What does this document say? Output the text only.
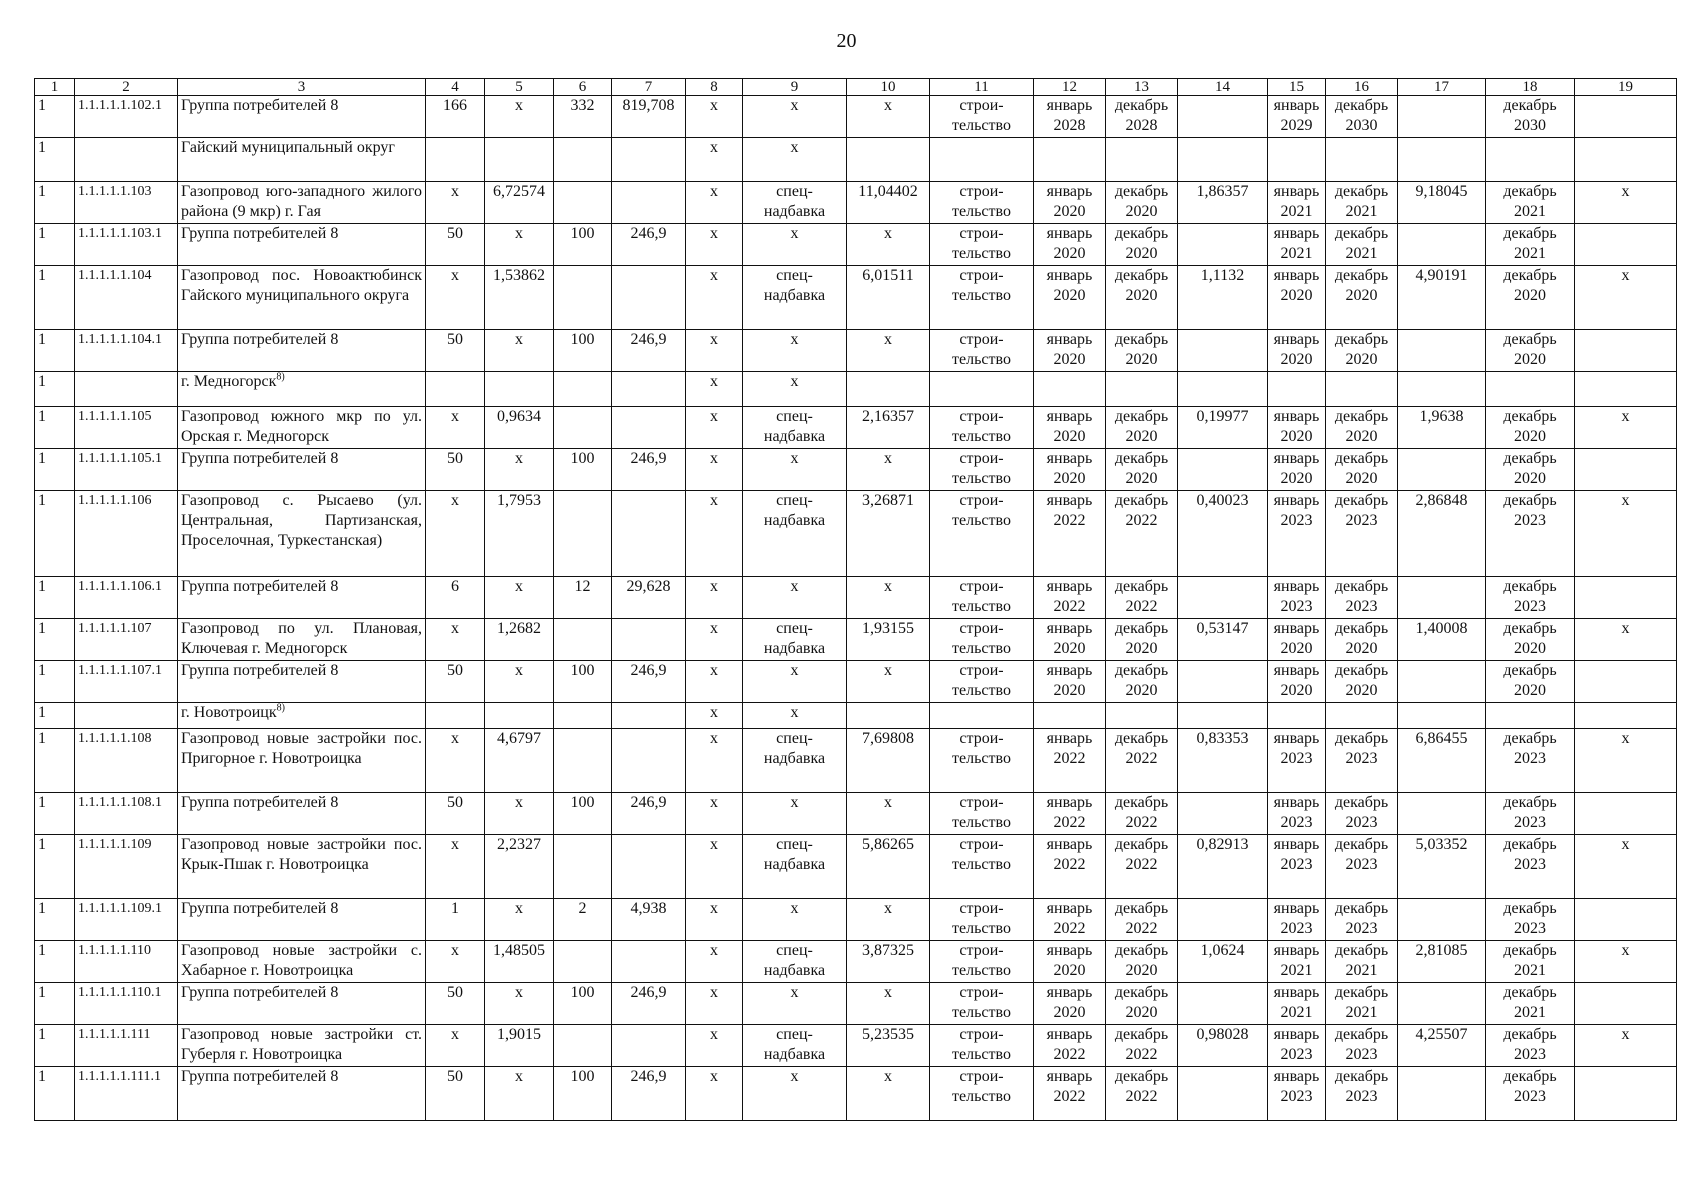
20
1	2	3	4	5	6	7	8	9	10	11	12	13	14	15	16	17	18	19
1	1.1.1.1.1.102.1	Группа потребителей 8	166	х	332	819,708	х	х	х	строи-тельство	январь 2028	декабрь 2028		январь 2029	декабрь 2030		декабрь 2030	
1		Гайский муниципальный округ					х	х										
1	1.1.1.1.1.103	Газопровод юго-западного жилого района (9 мкр) г. Гая	х	6,72574			х	спец-надбавка	11,04402	строи-тельство	январь 2020	декабрь 2020	1,86357	январь 2021	декабрь 2021	9,18045	декабрь 2021	х
1	1.1.1.1.1.103.1	Группа потребителей 8	50	х	100	246,9	х	х	х	строи-тельство	январь 2020	декабрь 2020		январь 2021	декабрь 2021		декабрь 2021	
1	1.1.1.1.1.104	Газопровод пос. Новоактюбинск Гайского муниципального округа	х	1,53862			х	спец-надбавка	6,01511	строи-тельство	январь 2020	декабрь 2020	1,1132	январь 2020	декабрь 2020	4,90191	декабрь 2020	х
1	1.1.1.1.1.104.1	Группа потребителей 8	50	х	100	246,9	х	х	х	строи-тельство	январь 2020	декабрь 2020		январь 2020	декабрь 2020		декабрь 2020	
1		г. Медногорск$^{8)}$					х	х										
1	1.1.1.1.1.105	Газопровод южного мкр по ул. Орская г. Медногорск	х	0,9634			х	спец-надбавка	2,16357	строи-тельство	январь 2020	декабрь 2020	0,19977	январь 2020	декабрь 2020	1,9638	декабрь 2020	х
1	1.1.1.1.1.105.1	Группа потребителей 8	50	х	100	246,9	х	х	х	строи-тельство	январь 2020	декабрь 2020		январь 2020	декабрь 2020		декабрь 2020	
1	1.1.1.1.1.106	Газопровод с. Рысаево (ул. Центральная, Партизанская, Проселочная, Туркестанская)	х	1,7953			х	спец-надбавка	3,26871	строи-тельство	январь 2022	декабрь 2022	0,40023	январь 2023	декабрь 2023	2,86848	декабрь 2023	х
1	1.1.1.1.1.106.1	Группа потребителей 8	6	х	12	29,628	х	х	х	строи-тельство	январь 2022	декабрь 2022		январь 2023	декабрь 2023		декабрь 2023	
1	1.1.1.1.1.107	Газопровод по ул. Плановая, Ключевая г. Медногорск	х	1,2682			х	спец-надбавка	1,93155	строи-тельство	январь 2020	декабрь 2020	0,53147	январь 2020	декабрь 2020	1,40008	декабрь 2020	х
1	1.1.1.1.1.107.1	Группа потребителей 8	50	х	100	246,9	х	х	х	строи-тельство	январь 2020	декабрь 2020		январь 2020	декабрь 2020		декабрь 2020	
1		г. Новотроицк$^{8)}$					х	х										
1	1.1.1.1.1.108	Газопровод новые застройки пос. Пригорное г. Новотроицка	х	4,6797			х	спец-надбавка	7,69808	строи-тельство	январь 2022	декабрь 2022	0,83353	январь 2023	декабрь 2023	6,86455	декабрь 2023	х
1	1.1.1.1.1.108.1	Группа потребителей 8	50	х	100	246,9	х	х	х	строи-тельство	январь 2022	декабрь 2022		январь 2023	декабрь 2023		декабрь 2023	
1	1.1.1.1.1.109	Газопровод новые застройки пос. Крык-Пшак г. Новотроицка	х	2,2327			х	спец-надбавка	5,86265	строи-тельство	январь 2022	декабрь 2022	0,82913	январь 2023	декабрь 2023	5,03352	декабрь 2023	х
1	1.1.1.1.1.109.1	Группа потребителей 8	1	х	2	4,938	х	х	х	строи-тельство	январь 2022	декабрь 2022		январь 2023	декабрь 2023		декабрь 2023	
1	1.1.1.1.1.110	Газопровод новые застройки с. Хабарное г. Новотроицка	х	1,48505			х	спец-надбавка	3,87325	строи-тельство	январь 2020	декабрь 2020	1,0624	январь 2021	декабрь 2021	2,81085	декабрь 2021	х
1	1.1.1.1.1.110.1	Группа потребителей 8	50	х	100	246,9	х	х	х	строи-тельство	январь 2020	декабрь 2020		январь 2021	декабрь 2021		декабрь 2021	
1	1.1.1.1.1.111	Газопровод новые застройки ст. Губерля г. Новотроицка	х	1,9015			х	спец-надбавка	5,23535	строи-тельство	январь 2022	декабрь 2022	0,98028	январь 2023	декабрь 2023	4,25507	декабрь 2023	х
1	1.1.1.1.1.111.1	Группа потребителей 8	50	х	100	246,9	х	х	х	строи-тельство	январь 2022	декабрь 2022		январь 2023	декабрь 2023		декабрь 2023	
